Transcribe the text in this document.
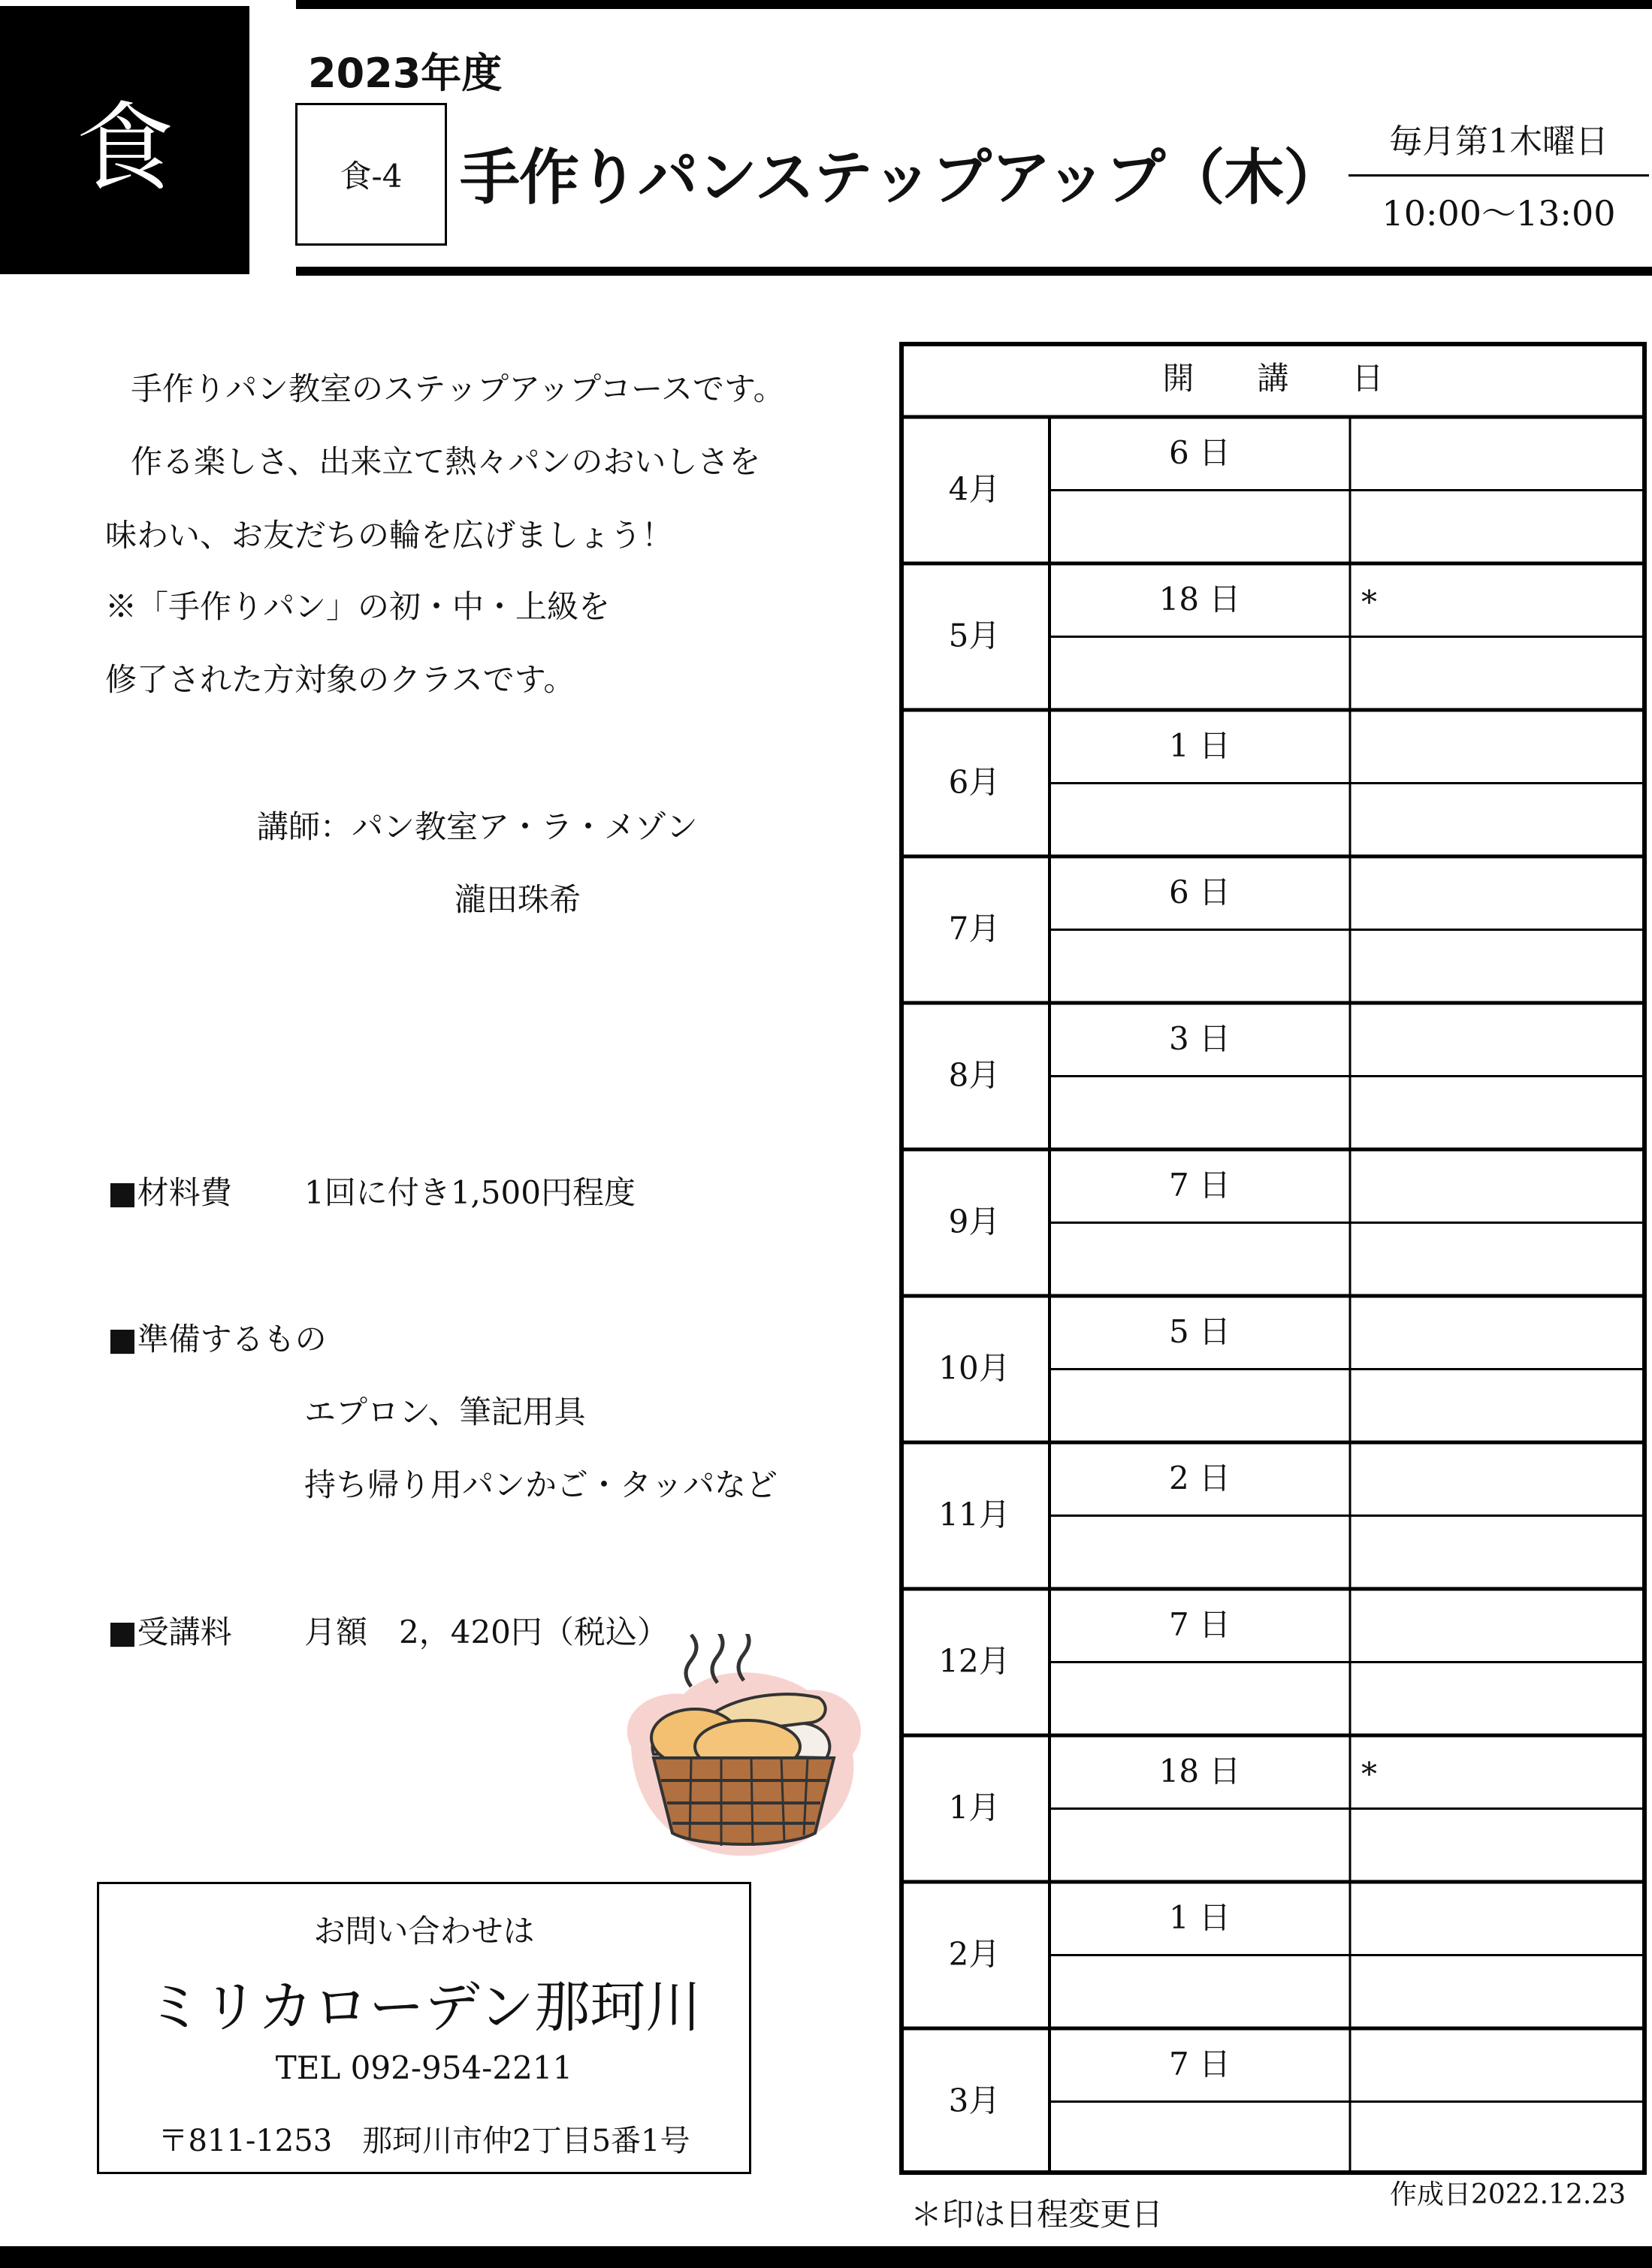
食
2023年度
食-4 手作りパンステップアップ（木）
毎月第1木曜日
10:00～13:00
手作りパン教室のステップアップコースです。
作る楽しさ、出来立て熱々パンのおいしさを
味わい、お友だちの輪を広げましょう！
※「手作りパン」の初・中・上級を
修了された方対象のクラスです。
講師：パン教室ア・ラ・メゾン
瀧田珠希
■材料費 1回に付き1,500円程度
■準備するもの
エプロン、筆記用具
持ち帰り用パンかご・タッパなど
■受講料 月額　2，420円（税込）
お問い合わせは
ミリカローデン那珂川
TEL 092-954-2211
〒811-1253　那珂川市仲2丁目5番1号
開　　講　　日
4月
6 日
5月
18 日	*
6月
1 日
7月
6 日
8月
3 日
9月
7 日
10月
5 日
11月
2 日
12月
7 日
1月
18 日	*
2月
1 日
3月
7 日
作成日2022.12.23
＊印は日程変更日
